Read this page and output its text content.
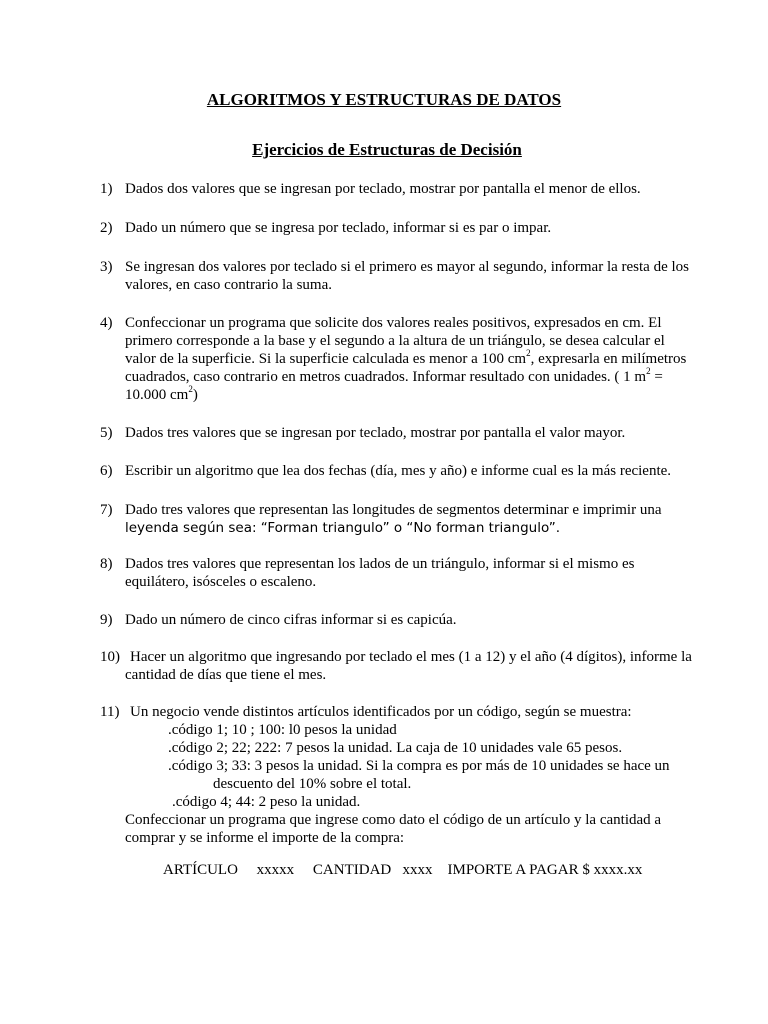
ALGORITMOS Y ESTRUCTURAS DE DATOS
Ejercicios de Estructuras de Decisión
1) Dados dos valores que se ingresan por teclado, mostrar por pantalla el menor de ellos.
2) Dado un número que se ingresa por teclado, informar si es par o impar.
3) Se ingresan dos valores por teclado si el primero es mayor al segundo, informar la resta de los
valores, en caso contrario la suma.
4) Confeccionar un programa que solicite dos valores reales positivos, expresados en cm. El
primero corresponde a la base y el segundo a la altura de un triángulo, se desea calcular el
valor de la superficie. Si la superficie calculada es menor a 100 $cm^2$, expresarla en milímetros
cuadrados, caso contrario en metros cuadrados. Informar resultado con unidades. ( 1 $m^2$ =
10.000 $cm^2$)
5) Dados tres valores que se ingresan por teclado, mostrar por pantalla el valor mayor.
6) Escribir un algoritmo que lea dos fechas (día, mes y año) e informe cual es la más reciente.
7) Dado tres valores que representan las longitudes de segmentos determinar e imprimir una
leyenda según sea: “Forman triangulo” o “No forman triangulo”.
8) Dados tres valores que representan los lados de un triángulo, informar si el mismo es
equilátero, isósceles o escaleno.
9) Dado un número de cinco cifras informar si es capicúa.
10) Hacer un algoritmo que ingresando por teclado el mes (1 a 12) y el año (4 dígitos), informe la
cantidad de días que tiene el mes.
11) Un negocio vende distintos artículos identificados por un código, según se muestra:
.código 1; 10 ; 100: l0 pesos la unidad
.código 2; 22; 222: 7 pesos la unidad. La caja de 10 unidades vale 65 pesos.
.código 3; 33: 3 pesos la unidad. Si la compra es por más de 10 unidades se hace un
descuento del 10% sobre el total.
.código 4; 44: 2 peso la unidad.
Confeccionar un programa que ingrese como dato el código de un artículo y la cantidad a
comprar y se informe el importe de la compra:
ARTÍCULO     xxxxx     CANTIDAD   xxxx    IMPORTE A PAGAR $ xxxx.xx
